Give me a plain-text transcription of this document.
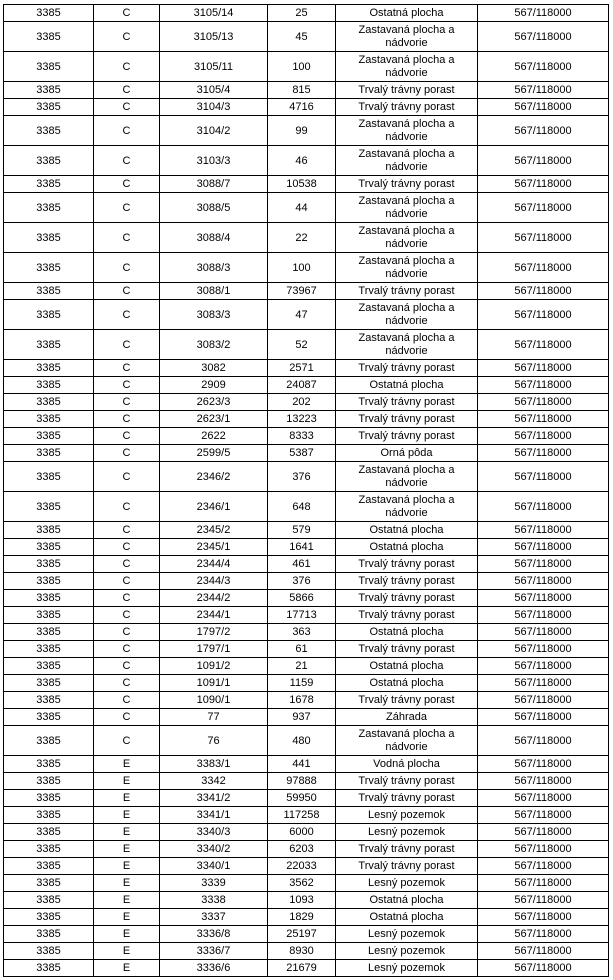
3385	C	3105/14	25	Ostatná plocha	567/118000
3385	C	3105/13	45	Zastavaná plocha a nádvorie	567/118000
3385	C	3105/11	100	Zastavaná plocha a nádvorie	567/118000
3385	C	3105/4	815	Trvalý trávny porast	567/118000
3385	C	3104/3	4716	Trvalý trávny porast	567/118000
3385	C	3104/2	99	Zastavaná plocha a nádvorie	567/118000
3385	C	3103/3	46	Zastavaná plocha a nádvorie	567/118000
3385	C	3088/7	10538	Trvalý trávny porast	567/118000
3385	C	3088/5	44	Zastavaná plocha a nádvorie	567/118000
3385	C	3088/4	22	Zastavaná plocha a nádvorie	567/118000
3385	C	3088/3	100	Zastavaná plocha a nádvorie	567/118000
3385	C	3088/1	73967	Trvalý trávny porast	567/118000
3385	C	3083/3	47	Zastavaná plocha a nádvorie	567/118000
3385	C	3083/2	52	Zastavaná plocha a nádvorie	567/118000
3385	C	3082	2571	Trvalý trávny porast	567/118000
3385	C	2909	24087	Ostatná plocha	567/118000
3385	C	2623/3	202	Trvalý trávny porast	567/118000
3385	C	2623/1	13223	Trvalý trávny porast	567/118000
3385	C	2622	8333	Trvalý trávny porast	567/118000
3385	C	2599/5	5387	Orná pôda	567/118000
3385	C	2346/2	376	Zastavaná plocha a nádvorie	567/118000
3385	C	2346/1	648	Zastavaná plocha a nádvorie	567/118000
3385	C	2345/2	579	Ostatná plocha	567/118000
3385	C	2345/1	1641	Ostatná plocha	567/118000
3385	C	2344/4	461	Trvalý trávny porast	567/118000
3385	C	2344/3	376	Trvalý trávny porast	567/118000
3385	C	2344/2	5866	Trvalý trávny porast	567/118000
3385	C	2344/1	17713	Trvalý trávny porast	567/118000
3385	C	1797/2	363	Ostatná plocha	567/118000
3385	C	1797/1	61	Trvalý trávny porast	567/118000
3385	C	1091/2	21	Ostatná plocha	567/118000
3385	C	1091/1	1159	Ostatná plocha	567/118000
3385	C	1090/1	1678	Trvalý trávny porast	567/118000
3385	C	77	937	Záhrada	567/118000
3385	C	76	480	Zastavaná plocha a nádvorie	567/118000
3385	E	3383/1	441	Vodná plocha	567/118000
3385	E	3342	97888	Trvalý trávny porast	567/118000
3385	E	3341/2	59950	Trvalý trávny porast	567/118000
3385	E	3341/1	117258	Lesný pozemok	567/118000
3385	E	3340/3	6000	Lesný pozemok	567/118000
3385	E	3340/2	6203	Trvalý trávny porast	567/118000
3385	E	3340/1	22033	Trvalý trávny porast	567/118000
3385	E	3339	3562	Lesný pozemok	567/118000
3385	E	3338	1093	Ostatná plocha	567/118000
3385	E	3337	1829	Ostatná plocha	567/118000
3385	E	3336/8	25197	Lesný pozemok	567/118000
3385	E	3336/7	8930	Lesný pozemok	567/118000
3385	E	3336/6	21679	Lesný pozemok	567/118000
